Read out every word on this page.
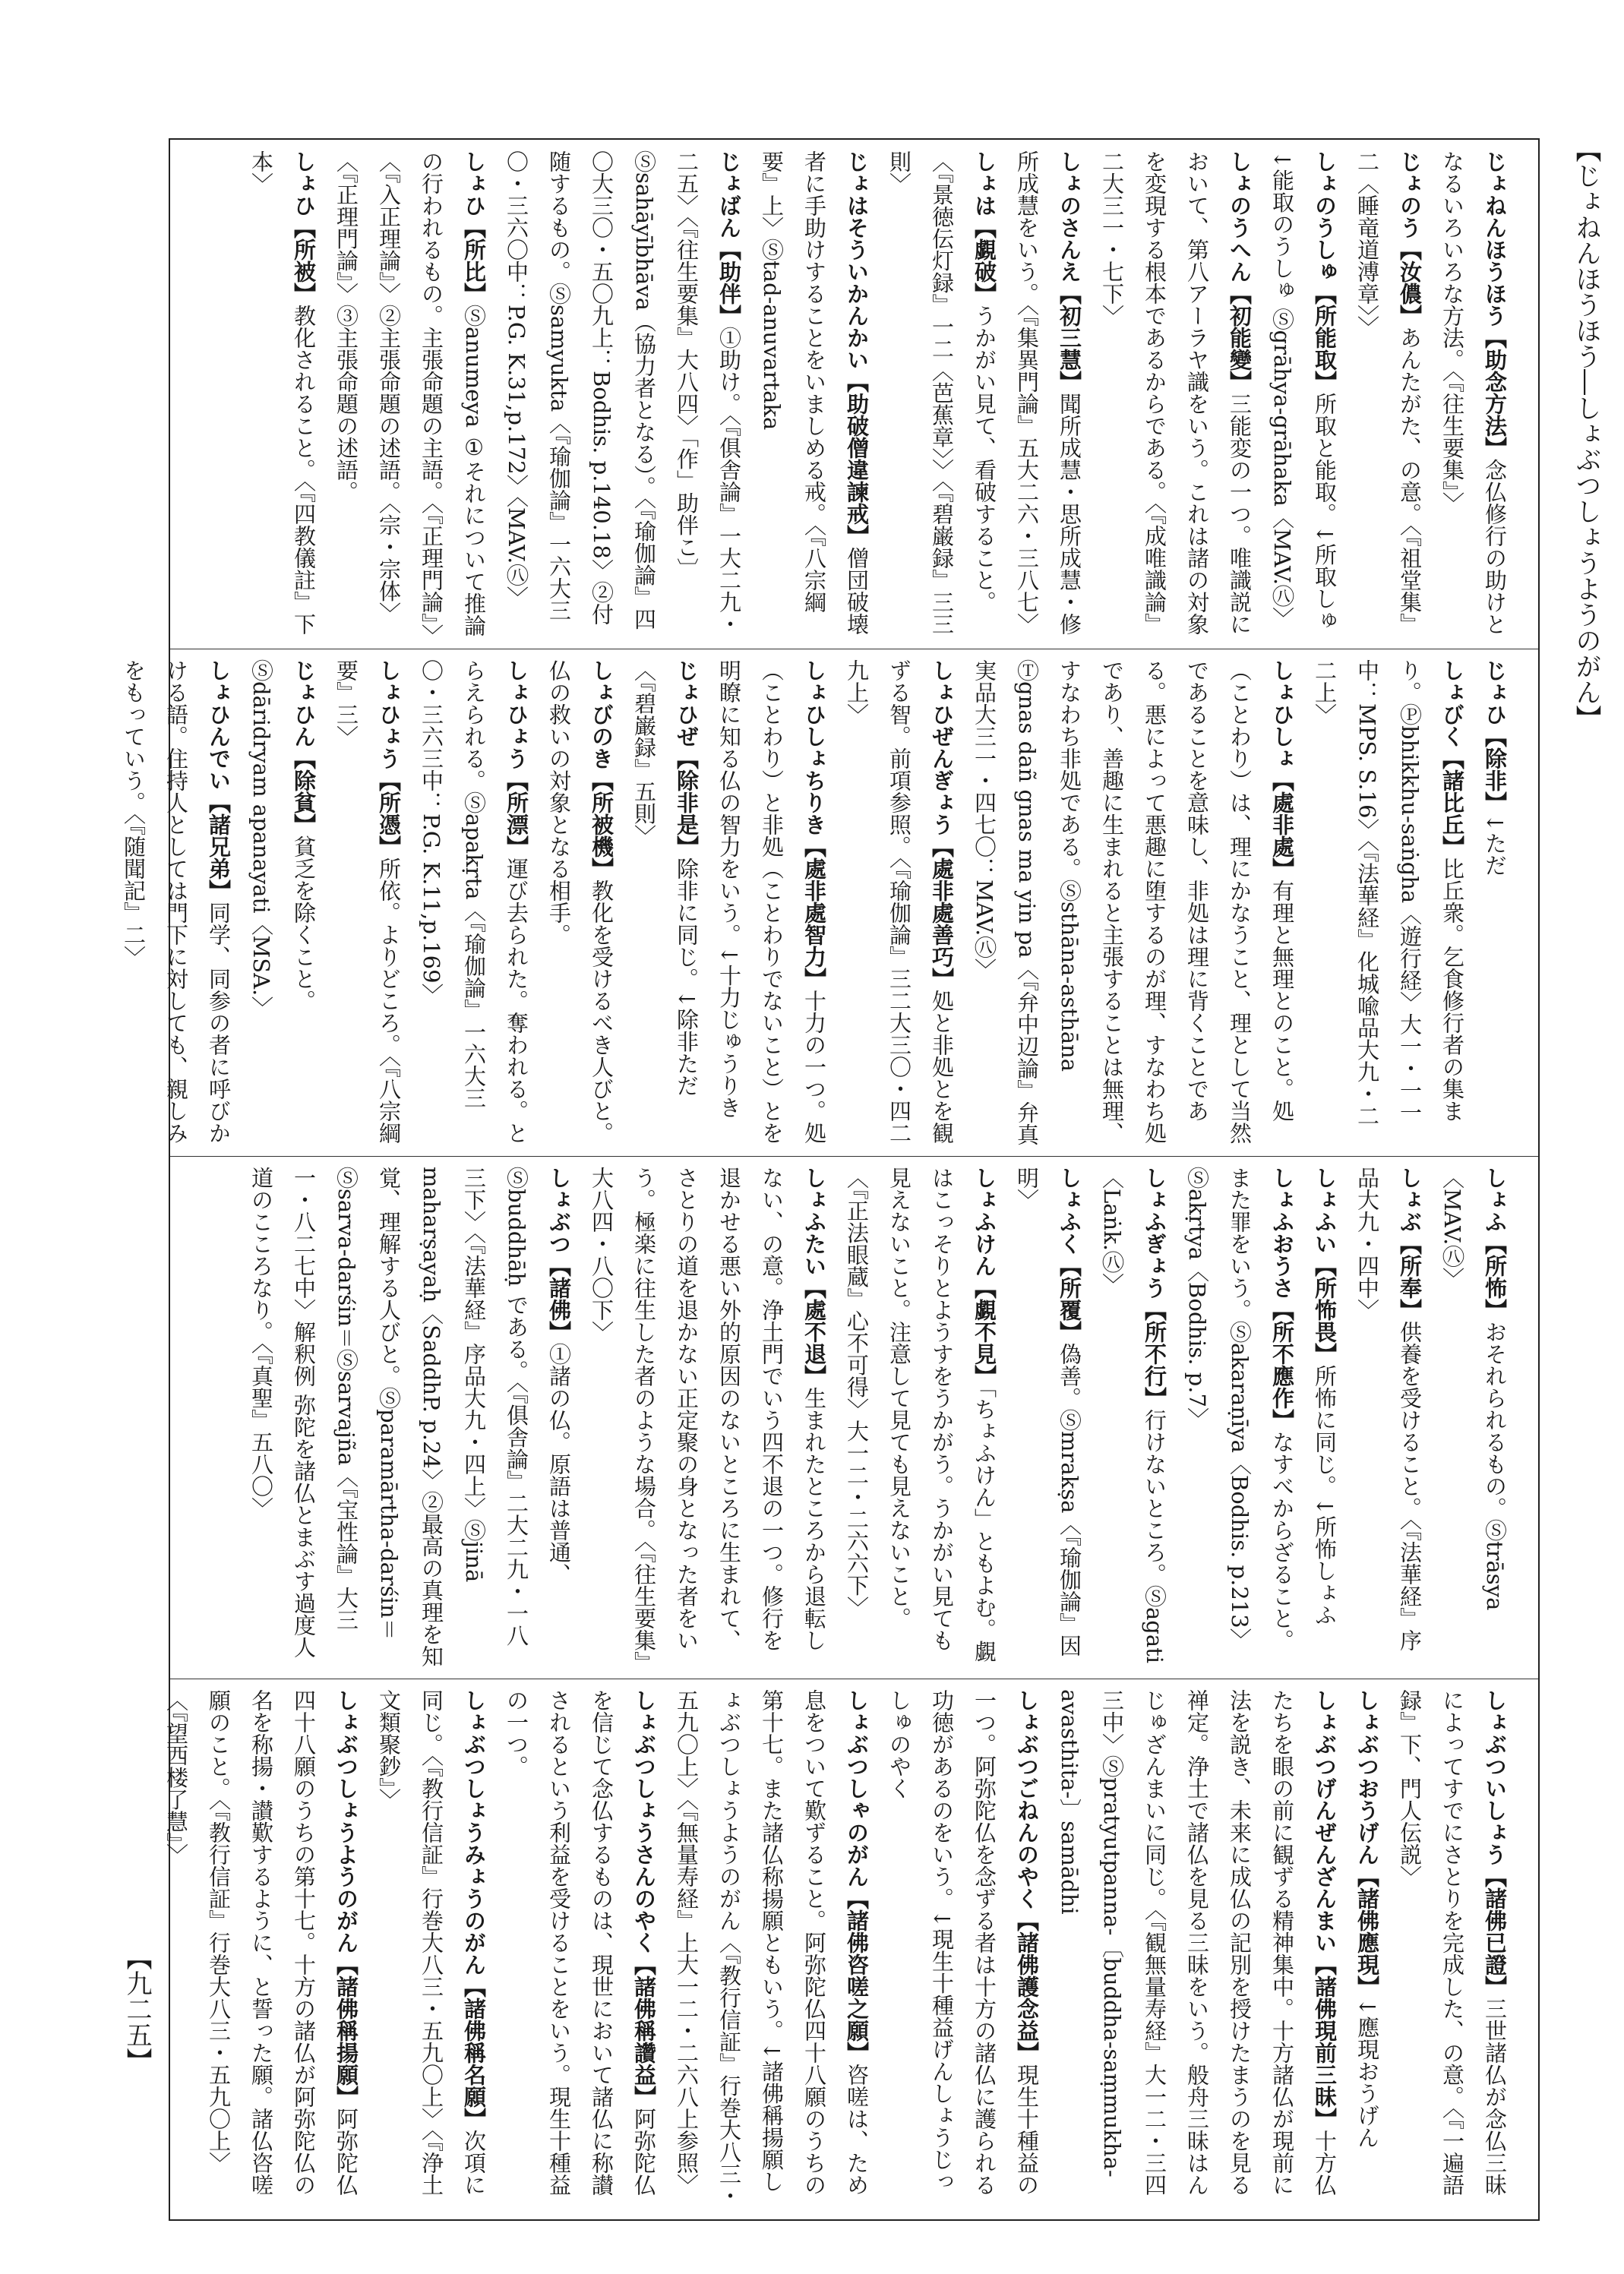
【じょねんほうほう―しょぶつしょうようのがん】
【九二五】
じょねんほうほう【助念方法】念仏修行の助けとなるいろいろな方法。〈『往生要集』〉
じょのう【汝儂】あんたがた、の意。〈『祖堂集』二〈睡竜道溥章〉〉
しょのうしゅ【所能取】所取と能取。↓所取しゅ ↓能取のうしゅ Ⓢgrāhya-grāhaka〈MAV.㊇〉
しょのうへん【初能變】三能変の一つ。唯識説において、第八アーラヤ識をいう。これは諸の対象を変現する根本であるからである。〈『成唯識論』二大三一・七下〉
しょのさんえ【初三慧】聞所成慧・思所成慧・修所成慧をいう。〈『集異門論』五大二六・三八七〉
しょは【覷破】うかがい見て、看破すること。〈『景徳伝灯録』一二〈芭蕉章〉〉〈『碧巌録』三三則〉
じょはそういかんかい【助破僧違諫戒】僧団破壊者に手助けすることをいましめる戒。〈『八宗綱要』上〉Ⓢtad-anuvartaka
じょばん【助伴】①助け。〈『俱舎論』一大二九・二五〉〈『往生要集』大八四〉「作」助伴こ〕Ⓢsahāyībhāva（協力者となる）。〈『瑜伽論』四〇大三〇・五〇九上：Bodhis. p.140.18〉②付随するもの。Ⓢsamyukta〈『瑜伽論』一六大三〇・三六〇中：P.G. K.31,p.172〉〈MAV.㊇〉
しょひ【所比】Ⓢanumeya ①それについて推論の行われるもの。主張命題の主語。〈『正理門論』〉〈『入正理論』〉②主張命題の述語。〈宗・宗体〉〈『正理門論』〉③主張命題の述語。
しょひ【所被】教化されること。〈『四教儀註』下本〉
じょひ【除非】↓ただ
しょびく【諸比丘】比丘衆。乞食修行者の集まり。Ⓟbhikkhu-saṅgha〈遊行経〉大一・一一中：MPS. S.16〉〈『法華経』化城喩品大九・二二上〉
しょひしょ【處非處】有理と無理とのこと。処（ことわり）は、理にかなうこと、理として当然であることを意味し、非処は理に背くことである。悪によって悪趣に堕するのが理、すなわち処であり、善趣に生まれると主張することは無理、すなわち非処である。Ⓢsthāna-asthāna Ⓣgnas dañ gnas ma yin pa〈『弁中辺論』弁真実品大三一・四七〇：MAV.㊇〉
しょひぜんぎょう【處非處善巧】処と非処とを観ずる智。前項参照。〈『瑜伽論』三二大三〇・四二九上〉
しょひしょちりき【處非處智力】十力の一つ。処（ことわり）と非処（ことわりでないこと）とを明瞭に知る仏の智力をいう。↓十力じゅうりき
じょひぜ【除非是】除非に同じ。↓除非ただ〈『碧巌録』五則〉
しょびのき【所被機】教化を受けるべき人びと。仏の救いの対象となる相手。
しょひょう【所漂】運び去られた。奪われる。とらえられる。Ⓢapakṛta〈『瑜伽論』一六大三〇・三六三中：P.G. K.11,p.169〉
しょひょう【所憑】所依。よりどころ。〈『八宗綱要』三〉
じょひん【除貧】貧乏を除くこと。Ⓢdāridryam apanayati〈MSA.〉
しょひんでい【諸兄弟】同学、同参の者に呼びかける語。住持人としては門下に対しても、親しみをもっていう。〈『随聞記』二〉
しょふ【所怖】おそれられるもの。Ⓢtrāsya〈MAV.㊇〉
しょぶ【所奉】供養を受けること。〈『法華経』序品大九・四中〉
しょふい【所怖畏】所怖に同じ。↓所怖しょふ
しょふおうさ【所不應作】なすべからざること。また罪をいう。Ⓢakaraṇīya〈Bodhis. p.213〉Ⓢakṛtya〈Bodhis. p.7〉
しょふぎょう【所不行】行けないところ。Ⓢagati〈Laṅk.㊇〉
しょふく【所覆】偽善。Ⓢmrakṣa〈『瑜伽論』因明〉
しょふけん【覷不見】「ちょふけん」ともよむ。覷はこっそりとようすをうかがう。うかがい見ても見えないこと。注意して見ても見えないこと。〈『正法眼蔵』心不可得〉大一二・二六六下〉
しょふたい【處不退】生まれたところから退転しない、の意。浄土門でいう四不退の一つ。修行を退かせる悪い外的原因のないところに生まれて、さとりの道を退かない正定聚の身となった者をいう。極楽に往生した者のような場合。〈『往生要集』大八四・八〇下〉
しょぶつ【諸佛】①諸の仏。原語は普通、Ⓢbuddhāḥ である。〈『俱舎論』二大二九・一八三下〉〈『法華経』序品大九・四上〉Ⓢjinā maharṣayaḥ〈SaddhP. p.24〉②最高の真理を知覚、理解する人びと。Ⓢparamārtha-darśin＝Ⓢsarva-darśin＝Ⓢsarvajña〈『宝性論』大三一・八二七中〉解釈例 弥陀を諸仏とまぶす過度人道のこころなり。〈『真聖』五八〇〉
しょぶついしょう【諸佛已證】三世諸仏が念仏三昧によってすでにさとりを完成した、の意。〈『一遍語録』下、門人伝説〉
しょぶつおうげん【諸佛應現】↓應現おうげん
しょぶつげんぜんざんまい【諸佛現前三昧】十方仏たちを眼の前に観ずる精神集中。十方諸仏が現前に法を説き、未来に成仏の記別を授けたまうのを見る禅定。浄土で諸仏を見る三昧をいう。般舟三昧はんじゅざんまいに同じ。〈『観無量寿経』大一二・三四三中〉Ⓢpratyutpanna-〔buddha-saṃmukha-avasthita-〕samādhi
しょぶつごねんのやく【諸佛護念益】現生十種益の一つ。阿弥陀仏を念ずる者は十方の諸仏に護られる功徳があるのをいう。↓現生十種益げんしょうじっしゅのやく
しょぶつしゃのがん【諸佛咨嗟之願】咨嗟は、ため息をついて歎ずること。阿弥陀仏四十八願のうちの第十七。また諸仏称揚願ともいう。↓諸佛稱揚願しょぶつしょうようのがん〈『教行信証』行巻大八三・五九〇上〉〈『無量寿経』上大一二・二六八上参照〉
しょぶつしょうさんのやく【諸佛稱讚益】阿弥陀仏を信じて念仏するものは、現世において諸仏に称讃されるという利益を受けることをいう。現生十種益の一つ。
しょぶつしょうみょうのがん【諸佛稱名願】次項に同じ。〈『教行信証』行巻大八三・五九〇上〉〈『浄土文類聚鈔』〉
しょぶつしょうようのがん【諸佛稱揚願】阿弥陀仏四十八願のうちの第十七。十方の諸仏が阿弥陀仏の名を称揚・讃歎するように、と誓った願。諸仏咨嗟願のこと。〈『教行信証』行巻大八三・五九〇上〉〈『望西楼了慧』〉
